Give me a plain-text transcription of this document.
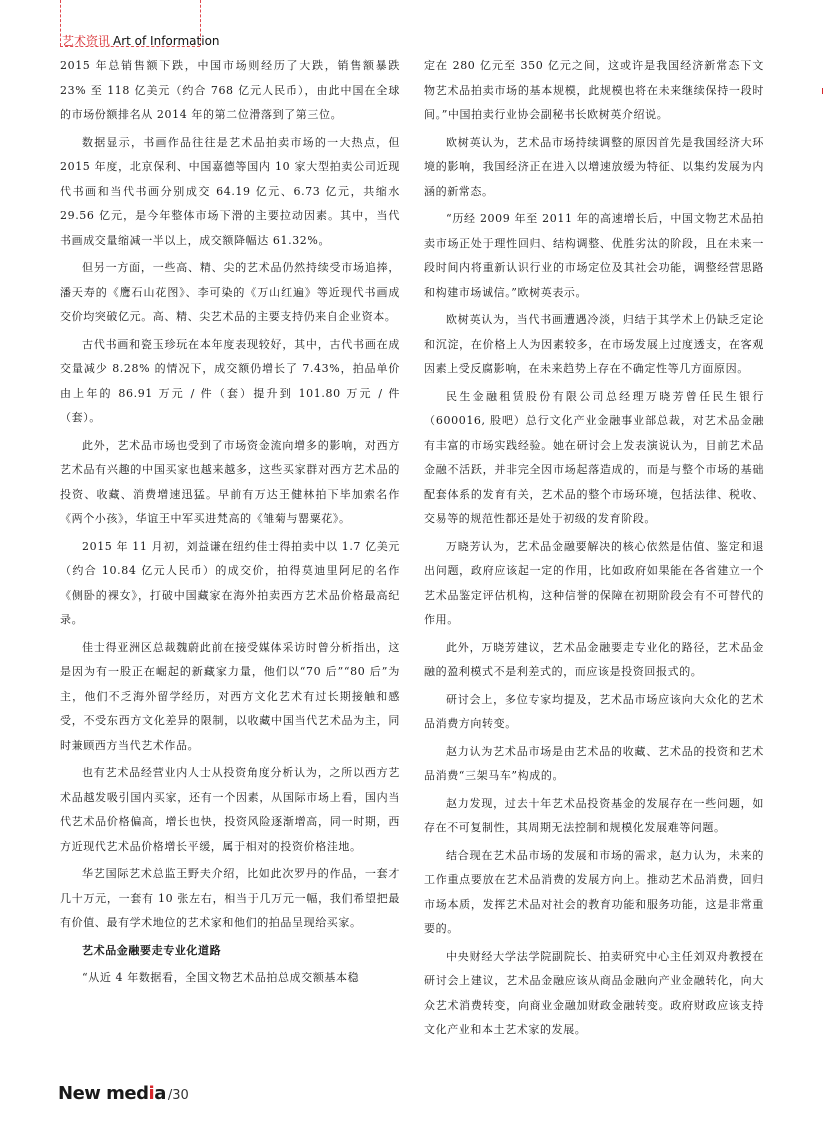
艺术资讯 Art of Information

2015 年总销售额下跌，中国市场则经历了大跌，销售额暴跌 23% 至 118 亿美元（约合 768 亿元人民币），由此中国在全球的市场份额排名从 2014 年的第二位滑落到了第三位。

数据显示，书画作品往往是艺术品拍卖市场的一大热点，但 2015 年度，北京保利、中国嘉德等国内 10 家大型拍卖公司近现代书画和当代书画分别成交 64.19 亿元、6.73 亿元，共缩水 29.56 亿元，是今年整体市场下滑的主要拉动因素。其中，当代书画成交量缩减一半以上，成交额降幅达 61.32%。

但另一方面，一些高、精、尖的艺术品仍然持续受市场追捧，潘天寿的《鹰石山花图》、李可染的《万山红遍》等近现代书画成交价均突破亿元。高、精、尖艺术品的主要支持仍来自企业资本。

古代书画和瓷玉珍玩在本年度表现较好，其中，古代书画在成交量减少 8.28% 的情况下，成交额仍增长了 7.43%，拍品单价由上年的 86.91 万元 / 件（套）提升到 101.80 万元 / 件（套）。

此外，艺术品市场也受到了市场资金流向增多的影响，对西方艺术品有兴趣的中国买家也越来越多，这些买家群对西方艺术品的投资、收藏、消费增速迅猛。早前有万达王健林拍下毕加索名作《两个小孩》，华谊王中军买进梵高的《雏菊与罂粟花》。

2015 年 11 月初，刘益谦在纽约佳士得拍卖中以 1.7 亿美元（约合 10.84 亿元人民币）的成交价，拍得莫迪里阿尼的名作《侧卧的裸女》，打破中国藏家在海外拍卖西方艺术品价格最高纪录。

佳士得亚洲区总裁魏蔚此前在接受媒体采访时曾分析指出，这是因为有一股正在崛起的新藏家力量，他们以“70 后”“80 后”为主，他们不乏海外留学经历，对西方文化艺术有过长期接触和感受，不受东西方文化差异的限制，以收藏中国当代艺术品为主，同时兼顾西方当代艺术作品。

也有艺术品经营业内人士从投资角度分析认为，之所以西方艺术品越发吸引国内买家，还有一个因素，从国际市场上看，国内当代艺术品价格偏高，增长也快，投资风险逐渐增高，同一时期，西方近现代艺术品价格增长平缓，属于相对的投资价格洼地。

华艺国际艺术总监王野夫介绍，比如此次罗丹的作品，一套才几十万元，一套有 10 张左右，相当于几万元一幅，我们希望把最有价值、最有学术地位的艺术家和他们的拍品呈现给买家。

艺术品金融要走专业化道路

“从近 4 年数据看，全国文物艺术品拍总成交额基本稳

定在 280 亿元至 350 亿元之间，这或许是我国经济新常态下文物艺术品拍卖市场的基本规模，此规模也将在未来继续保持一段时间。”中国拍卖行业协会副秘书长欧树英介绍说。

欧树英认为，艺术品市场持续调整的原因首先是我国经济大环境的影响，我国经济正在进入以增速放缓为特征、以集约发展为内涵的新常态。

“历经 2009 年至 2011 年的高速增长后，中国文物艺术品拍卖市场正处于理性回归、结构调整、优胜劣汰的阶段，且在未来一段时间内将重新认识行业的市场定位及其社会功能，调整经营思路和构建市场诚信。”欧树英表示。

欧树英认为，当代书画遭遇冷淡，归结于其学术上仍缺乏定论和沉淀，在价格上人为因素较多，在市场发展上过度透支，在客观因素上受反腐影响，在未来趋势上存在不确定性等几方面原因。

民生金融租赁股份有限公司总经理万晓芳曾任民生银行（600016, 股吧）总行文化产业金融事业部总裁，对艺术品金融有丰富的市场实践经验。她在研讨会上发表演说认为，目前艺术品金融不活跃，并非完全因市场起落造成的，而是与整个市场的基础配套体系的发育有关，艺术品的整个市场环境，包括法律、税收、交易等的规范性都还是处于初级的发育阶段。

万晓芳认为，艺术品金融要解决的核心依然是估值、鉴定和退出问题，政府应该起一定的作用，比如政府如果能在各省建立一个艺术品鉴定评估机构，这种信誉的保障在初期阶段会有不可替代的作用。

此外，万晓芳建议，艺术品金融要走专业化的路径，艺术品金融的盈利模式不是利差式的，而应该是投资回报式的。

研讨会上，多位专家均提及，艺术品市场应该向大众化的艺术品消费方向转变。

赵力认为艺术品市场是由艺术品的收藏、艺术品的投资和艺术品消费“三架马车”构成的。

赵力发现，过去十年艺术品投资基金的发展存在一些问题，如存在不可复制性，其周期无法控制和规模化发展难等问题。

结合现在艺术品市场的发展和市场的需求，赵力认为，未来的工作重点要放在艺术品消费的发展方向上。推动艺术品消费，回归市场本质，发挥艺术品对社会的教育功能和服务功能，这是非常重要的。

中央财经大学法学院副院长、拍卖研究中心主任刘双舟教授在研讨会上建议，艺术品金融应该从商品金融向产业金融转化，向大众艺术消费转变，向商业金融加财政金融转变。政府财政应该支持文化产业和本土艺术家的发展。

New media /30
